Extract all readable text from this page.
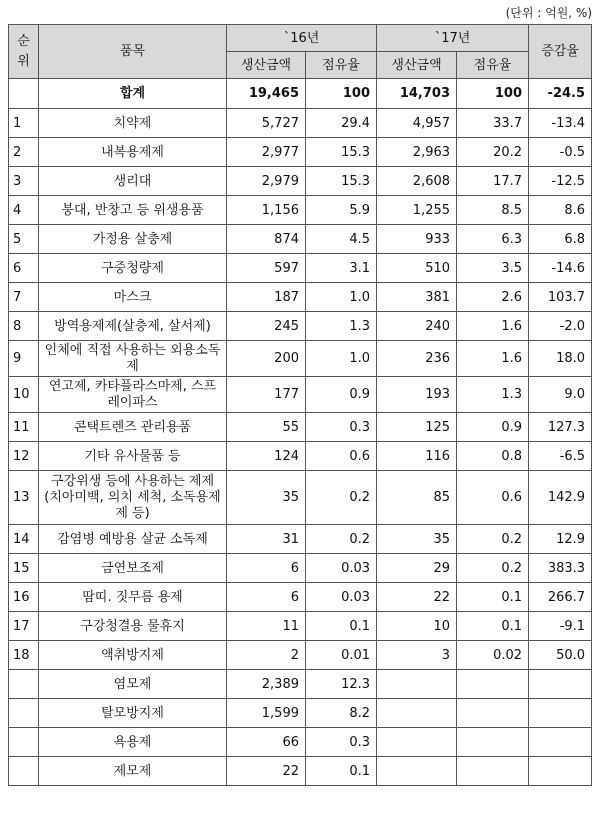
(단위 : 억원, %)
순위	품목	`16년		`17년		증감율
		생산금액	점유율	생산금액	점유율	
	합계	19,465	100	14,703	100	-24.5
1	치약제	5,727	29.4	4,957	33.7	-13.4
2	내복용제제	2,977	15.3	2,963	20.2	-0.5
3	생리대	2,979	15.3	2,608	17.7	-12.5
4	붕대, 반창고 등 위생용품	1,156	5.9	1,255	8.5	8.6
5	가정용 살충제	874	4.5	933	6.3	6.8
6	구중청량제	597	3.1	510	3.5	-14.6
7	마스크	187	1.0	381	2.6	103.7
8	방역용제제(살충제, 살서제)	245	1.3	240	1.6	-2.0
9	인체에 직접 사용하는 외용소독제	200	1.0	236	1.6	18.0
10	연고제, 카타플라스마제, 스프레이파스	177	0.9	193	1.3	9.0
11	콘택트렌즈 관리용품	55	0.3	125	0.9	127.3
12	기타 유사물품 등	124	0.6	116	0.8	-6.5
13	구강위생 등에 사용하는 제제(치아미백, 의치 세척, 소독용제제 등)	35	0.2	85	0.6	142.9
14	감염병 예방용 살균 소독제	31	0.2	35	0.2	12.9
15	금연보조제	6	0.03	29	0.2	383.3
16	땀띠. 짓무름 용제	6	0.03	22	0.1	266.7
17	구강청결용 물휴지	11	0.1	10	0.1	-9.1
18	액취방지제	2	0.01	3	0.02	50.0
	염모제	2,389	12.3			
	탈모방지제	1,599	8.2			
	욕용제	66	0.3			
	제모제	22	0.1			
